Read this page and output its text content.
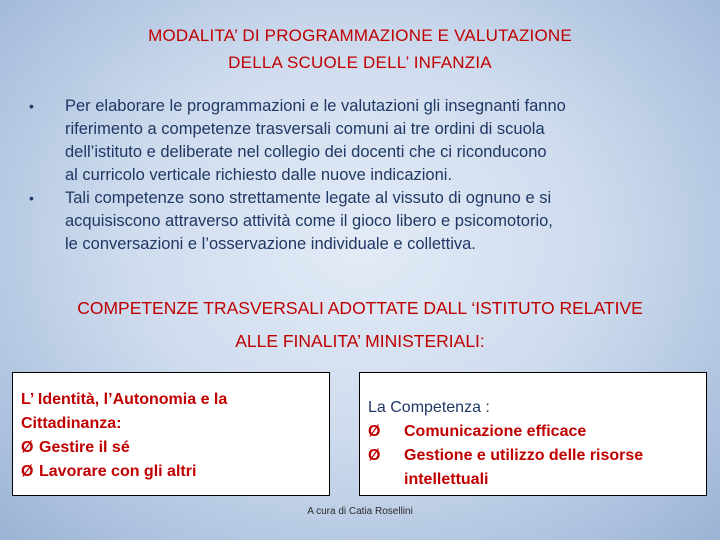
MODALITA’ DI PROGRAMMAZIONE E VALUTAZIONE
DELLA SCUOLE DELL’ INFANZIA
• Per elaborare le programmazioni e le valutazioni gli insegnanti fanno
riferimento a competenze trasversali comuni ai tre ordini di scuola
dell’istituto e deliberate nel collegio dei docenti che ci riconducono
al curricolo verticale richiesto dalle nuove indicazioni.
• Tali competenze sono strettamente legate al vissuto di ognuno e si
acquisiscono attraverso attività come il gioco libero e psicomotorio,
le conversazioni e l’osservazione individuale e collettiva.
COMPETENZE TRASVERSALI ADOTTATE DALL ‘ISTITUTO RELATIVE
ALLE FINALITA’ MINISTERIALI:
L’ Identità, l’Autonomia e la
Cittadinanza:
Ø Gestire il sé
Ø Lavorare con gli altri
La Competenza :
Ø	Comunicazione efficace
Ø	Gestione e utilizzo delle risorse
intellettuali
A cura di Catia Rosellini
